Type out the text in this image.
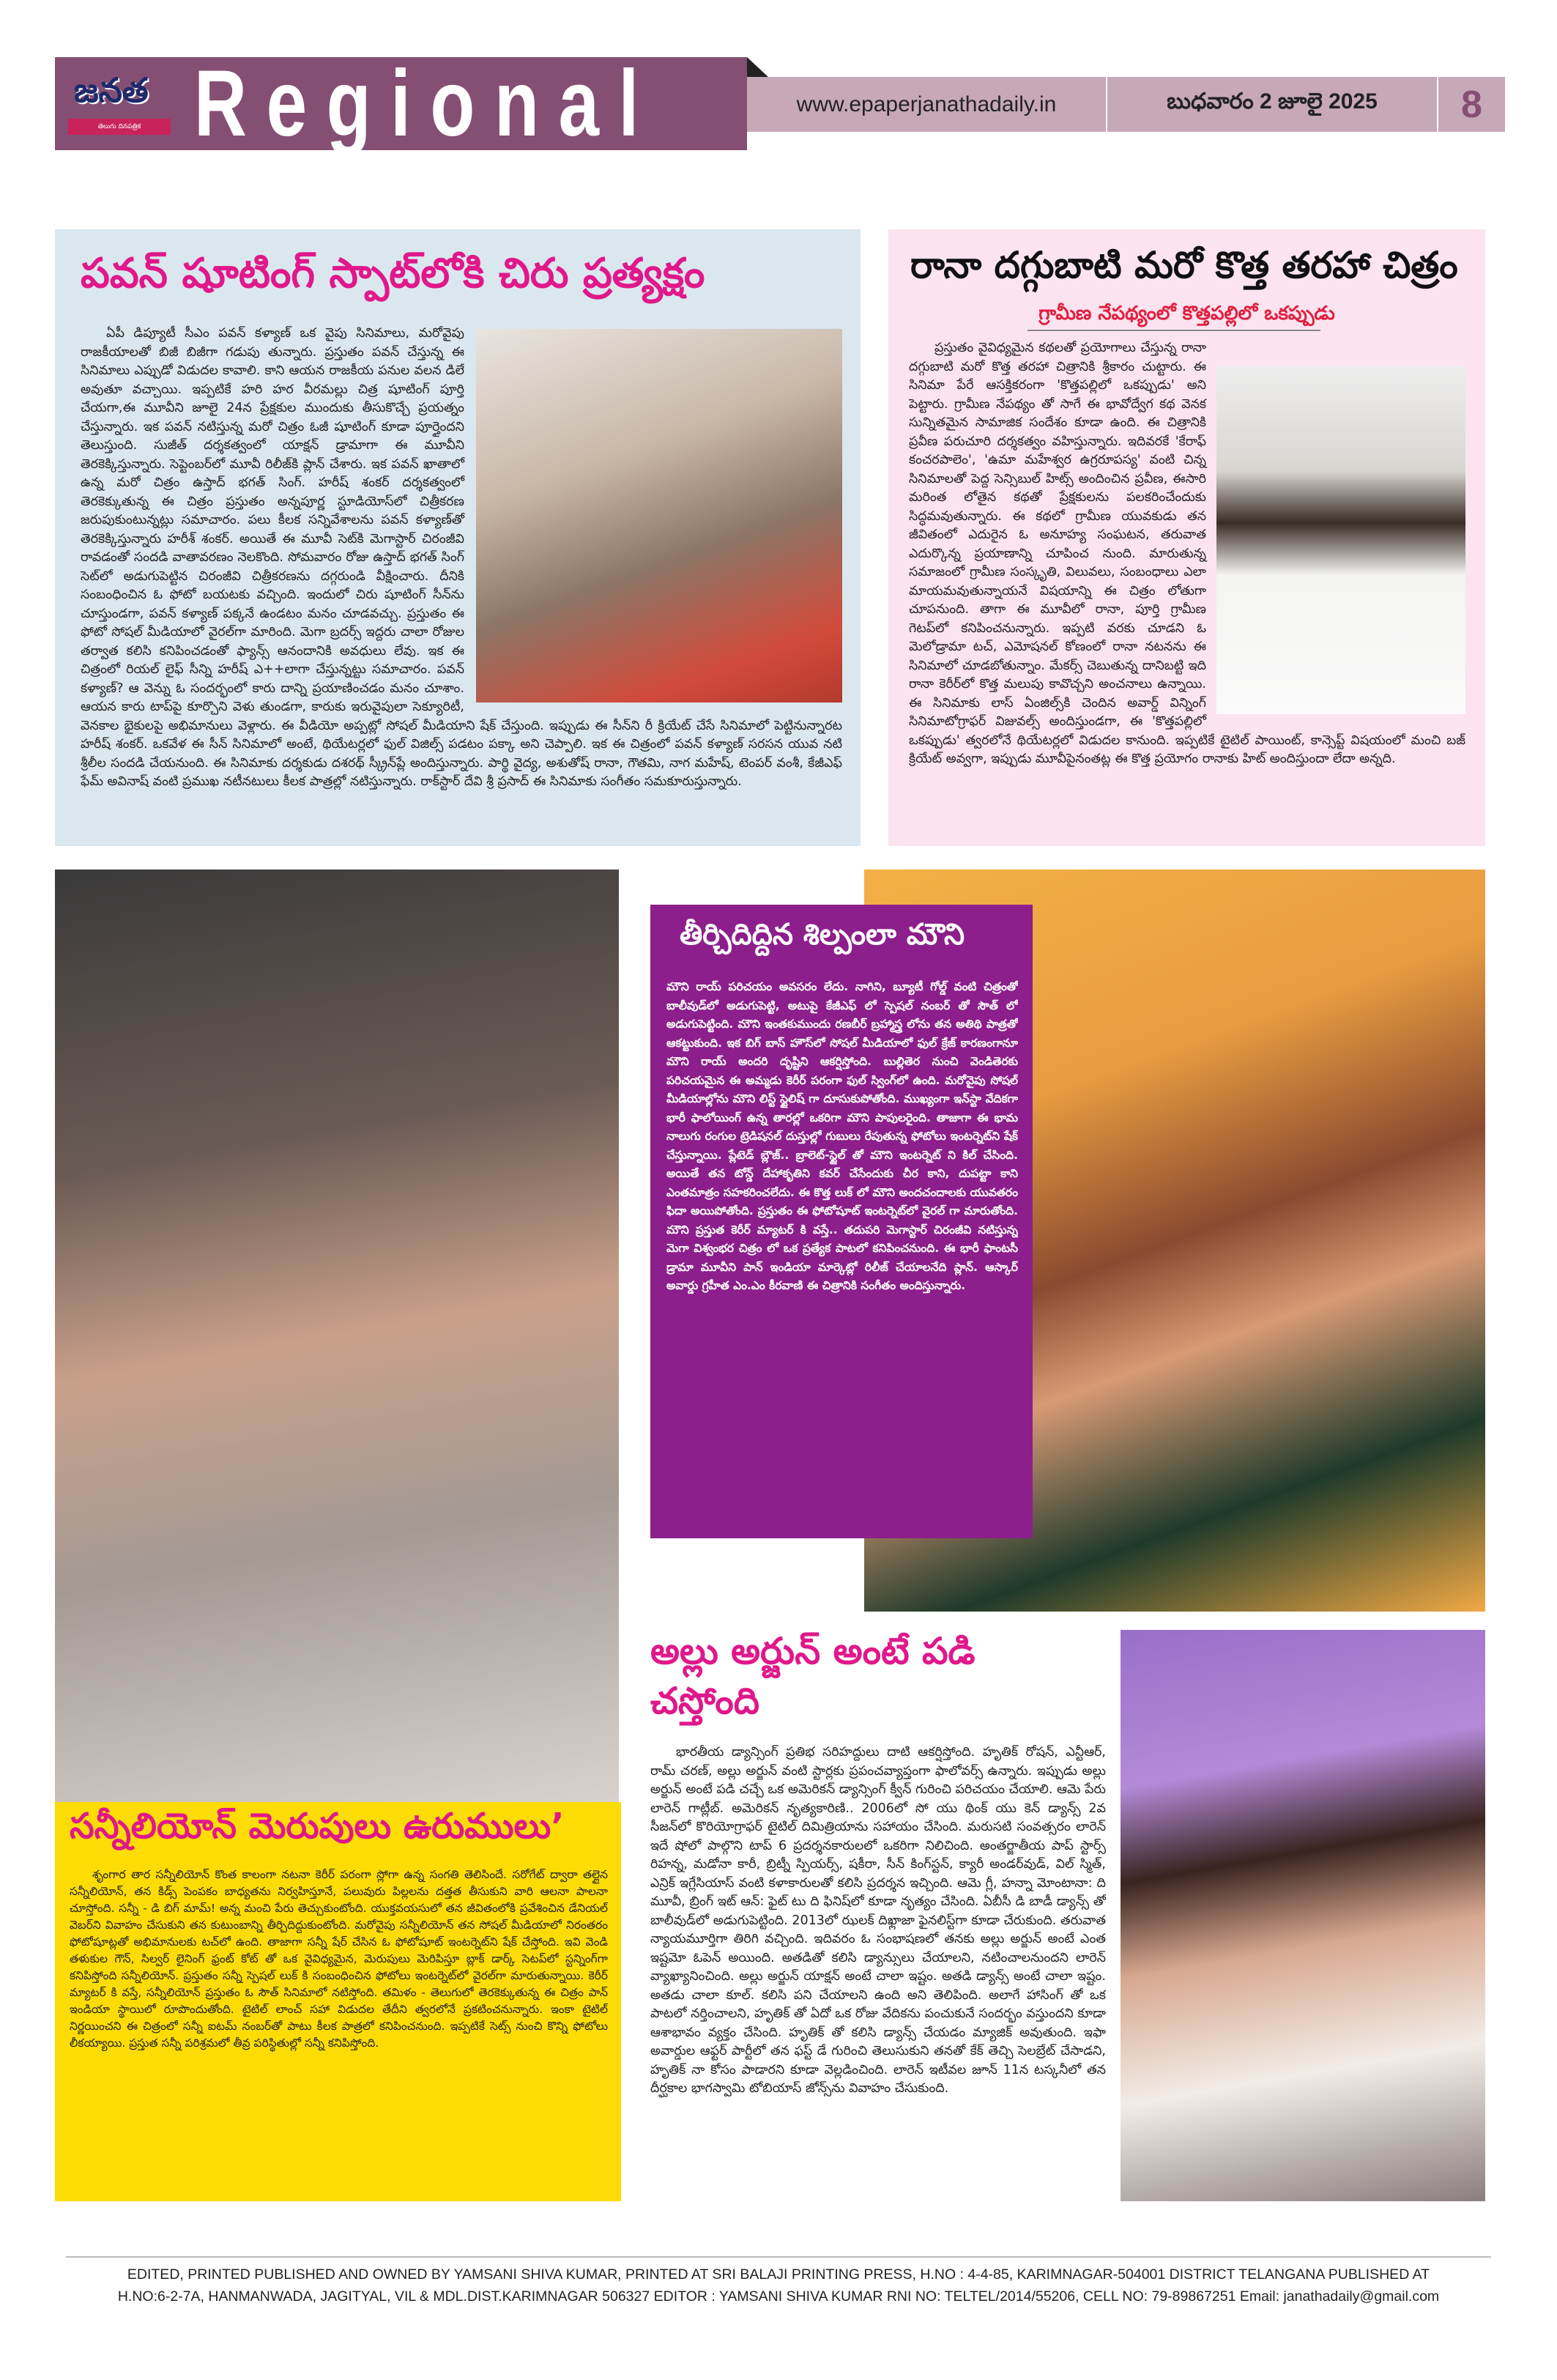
జనత
తెలుగు దినపత్రిక Regional	www.epaperjanathadaily.in	బుధవారం 2 జూలై 2025	8
పవన్ షూటింగ్ స్పాట్‌లోకి చిరు ప్రత్యక్షం
ఏపీ డిప్యూటీ సీఎం పవన్ కళ్యాణ్ ఒక వైపు సినిమాలు, మరోవైపు రాజకీయాలతో బిజీ బిజీగా గడుపు తున్నారు. ప్రస్తుతం పవన్ చేస్తున్న ఈ సినిమాలు ఎప్పుడో విడుదల కావాలి. కాని ఆయన రాజకీయ పనుల వలన డిలే అవుతూ వచ్చాయి. ఇప్పటికే హరి హర వీరమల్లు చిత్ర షూటింగ్ పూర్తి చేయగా,ఈ మూవీని జూలై 24న ప్రేక్షకుల ముందుకు తీసుకొచ్చే ప్రయత్నం చేస్తున్నారు. ఇక పవన్ నటిస్తున్న మరో చిత్రం ఓజీ షూటింగ్ కూడా పూర్తైందని తెలుస్తుంది. సుజీత్ దర్శకత్వంలో యాక్షన్ డ్రామాగా ఈ మూవీని తెరకెక్కిస్తున్నారు. సెప్టెంబర్‌లో మూవీ రిలీజ్‌కి ప్లాన్ చేశారు. ఇక పవన్ ఖాతాలో ఉన్న మరో చిత్రం ఉస్తాద్ భగత్ సింగ్. హరీష్ శంకర్ దర్శకత్వంలో తెరకెక్కుతున్న ఈ చిత్రం ప్రస్తుతం అన్నపూర్ణ స్టూడియోస్‌లో చిత్రీకరణ జరుపుకుంటున్నట్లు సమాచారం. పలు కీలక సన్నివేశాలను పవన్ కళ్యాణ్‌తో తెరకెక్కిస్తున్నారు హరీశ్ శంకర్. అయితే ఈ మూవీ సెట్‌కి మెగాస్టార్ చిరంజీవి రావడంతో సందడి వాతావరణం నెలకొంది. సోమవారం రోజు ఉస్తాద్ భగత్ సింగ్ సెట్‌లో అడుగుపెట్టిన చిరంజీవి చిత్రీకరణను దగ్గరుండి వీక్షించారు. దీనికి సంబంధించిన ఓ ఫోటో బయటకు వచ్చింది. ఇందులో చిరు షూటింగ్ సీన్‌ను చూస్తుండగా, పవన్ కళ్యాణ్ పక్కనే ఉండటం మనం చూడవచ్చు. ప్రస్తుతం ఈ ఫోటో సోషల్ మీడియాలో వైరల్‌గా మారింది. మెగా బ్రదర్స్ ఇద్దరు చాలా రోజుల తర్వాత కలిసి కనిపించడంతో ఫ్యాన్స్ ఆనందానికి అవధులు లేవు. ఇక ఈ చిత్రంలో రియల్ లైఫ్ సీన్ని హరీష్ ఎ++లాగా చేస్తున్నట్టు సమాచారం. పవన్ కళ్యాణ్? ఆ వెన్ను ఓ సందర్భంలో కారు దాన్ని ప్రయాణించడం మనం చూశాం. ఆయన కారు టాప్‌పై కూర్చొని వెళు తుండగా, కారుకు ఇరువైపులా సెక్యూరిటీ, వెనకాల భైకులపై అభిమానులు వెళ్లారు. ఈ వీడియో అప్పట్లో సోషల్ మీడియాని షేక్ చేస్తుంది. ఇప్పుడు ఈ సీన్‌ని రీ క్రియేట్ చేసే సినిమాలో పెట్టినున్నారట హరీష్ శంకర్. ఒకవేళ ఈ సీన్ సినిమాలో అంటే, థియేటర్లలో ఫుల్ విజిల్స్ పడటం పక్కా అని చెప్పాలి. ఇక ఈ చిత్రంలో పవన్ కళ్యాణ్ సరసన యువ నటి శ్రీలీల సందడి చేయనుంది. ఈ సినిమాకు దర్శకుడు దశరథ్ స్క్రీన్‌ప్లే అందిస్తున్నారు. పార్థి వైద్య, అశుతోష్ రానా, గౌతమి, నాగ మహేష్, టెంపర్ వంశీ, కేజీఎఫ్ ఫేమ్ అవినాష్ వంటి ప్రముఖ నటీనటులు కీలక పాత్రల్లో నటిస్తున్నారు. రాక్‌స్టార్ దేవి శ్రీ ప్రసాద్ ఈ సినిమాకు సంగీతం సమకూరుస్తున్నారు.
రానా దగ్గుబాటి మరో కొత్త తరహా చిత్రం
గ్రామీణ నేపథ్యంలో కొత్తపల్లిలో ఒకప్పుడు
ప్రస్తుతం వైవిధ్యమైన కథలతో ప్రయోగాలు చేస్తున్న రానా దగ్గుబాటి మరో కొత్త తరహా చిత్రానికి శ్రీకారం చుట్టారు. ఈ సినిమా పేరే ఆసక్తికరంగా 'కొత్తపల్లిలో ఒకప్పుడు' అని పెట్టారు. గ్రామీణ నేపథ్యం తో సాగే ఈ భావోద్వేగ కథ వెనక సున్నితమైన సామాజిక సందేశం కూడా ఉంది. ఈ చిత్రానికి ప్రవీణ పరుచూరి దర్శకత్వం వహిస్తున్నారు. ఇదివరకే 'కేరాఫ్ కంచరపాలెం', 'ఉమా మహేశ్వర ఉగ్రరూపస్య' వంటి చిన్న సినిమాలతో పెద్ద సెన్సిబుల్ హిట్స్ అందించిన ప్రవీణ, ఈసారి మరింత లోతైన కథతో ప్రేక్షకులను పలకరించేందుకు సిద్ధమవుతున్నారు. ఈ కథలో గ్రామీణ యువకుడు తన జీవితంలో ఎదురైన ఓ అనూహ్య సంఘటన, తరువాత ఎదుర్కొన్న ప్రయాణాన్ని చూపించ నుంది. మారుతున్న సమాజంలో గ్రామీణ సంస్కృతి, విలువలు, సంబంధాలు ఎలా మాయమవుతున్నాయనే విషయాన్ని ఈ చిత్రం లోతుగా చూపనుంది. తాగా ఈ మూవీలో రానా, పూర్తి గ్రామీణ గెటప్‌లో కనిపించనున్నారు. ఇప్పటి వరకు చూడని ఓ మెలోడ్రామా టచ్, ఎమోషనల్ కోణంలో రానా నటనను ఈ సినిమాలో చూడబోతున్నాం. మేకర్స్ చెబుతున్న దానిబట్టి ఇది రానా కెరీర్‌లో కొత్త మలుపు కావొచ్చని అంచనాలు ఉన్నాయి. ఈ సినిమాకు లాస్ ఏంజిల్స్‌కి చెందిన అవార్డ్ విన్నింగ్ సినిమాటోగ్రాఫర్ విజువల్స్ అందిస్తుండగా, ఈ 'కొత్తపల్లిలో ఒకప్పుడు' త్వరలోనే థియేటర్లలో విడుదల కానుంది. ఇప్పటికే టైటిల్ పాయింట్, కాన్సెప్ట్ విషయంలో మంచి బజ్ క్రియేట్ అవ్వగా, ఇప్పుడు మూవీపైనంతట్ల ఈ కొత్త ప్రయోగం రానాకు హిట్ అందిస్తుందా లేదా అన్నది.
సన్నీలియోన్ మెరుపులు ఉరుములు’
శృంగార తార సన్నీలియోన్ కొంత కాలంగా నటనా కెరీర్ పరంగా స్లోగా ఉన్న సంగతి తెలిసిందే. సరోగేట్ ద్వారా తల్లైన సన్నీలియోన్, తన కిడ్స్ పెంపకం బాధ్యతను నిర్వహిస్తూనే, పలువురు పిల్లలను దత్తత తీసుకుని వారి ఆలనా పాలనా చూస్తోంది. సన్నీ - డి బిగ్ మామ్! అన్న మంచి పేరు తెచ్చుకుంటోంది. యుక్తవయసులో తన జీవితంలోకి ప్రవేశించిన డేనియల్ వెబర్‌ని వివాహం చేసుకుని తన కుటుంబాన్ని తీర్చిదిద్దుకుంటోంది. మరోవైపు సన్నీలియోన్ తన సోషల్ మీడియాలో నిరంతరం ఫోటోషూట్లతో అభిమానులకు టచ్‌లో ఉంది. తాజాగా సన్నీ షేర్ చేసిన ఓ ఫోటోషూట్ ఇంటర్నెట్‌ని షేక్ చేస్తోంది. ఇవి వెండి తళుకుల గౌన్, సిల్వర్ లైనింగ్ ఫ్రంట్ కోట్ తో ఒక వైవిధ్యమైన, మెరుపులు మెరిపిస్తూ బ్లాక్ డార్క్ సెటప్‌లో స్టన్నింగ్‌గా కనిపిస్తోంది సన్నీలియోన్. ప్రస్తుతం సన్నీ స్పెషల్ లుక్ కి సంబంధించిన ఫోటోలు ఇంటర్నెట్‌లో వైరల్‌గా మారుతున్నాయి. కెరీర్ మ్యాటర్ కి వస్తే, సన్నీలియోన్ ప్రస్తుతం ఓ సౌత్ సినిమాలో నటిస్తోంది. తమిళం - తెలుగులో తెరకెక్కుతున్న ఈ చిత్రం పాన్ ఇండియా స్థాయిలో రూపొందుతోంది. టైటిల్ లాంచ్ సహా విడుదల తేదీని త్వరలోనే ప్రకటించనున్నారు. ఇంకా టైటిల్ నిర్ణయించని ఈ చిత్రంలో సన్నీ ఐటమ్ నంబర్‌తో పాటు కీలక పాత్రలో కనిపించనుంది. ఇప్పటికే సెట్స్ నుంచి కొన్ని ఫోటోలు లీకయ్యాయి. ప్రస్తుత సన్నీ పరిశ్రమలో తీవ్ర పరిస్థితుల్లో సన్నీ కనిపిస్తోంది.
తీర్చిదిద్దిన శిల్పంలా మౌని
మౌని రాయ్ పరిచయం అవసరం లేదు. నాగిని, బ్యూటీ గోల్డ్ వంటి చిత్రంతో బాలీవుడ్‌లో అడుగుపెట్టి, అటుపై కేజీఎఫ్ లో స్పెషల్ నంబర్ తో సౌత్ లో అడుగుపెట్టింది. మౌని ఇంతకుముందు రణబీర్ బ్రహ్మాస్త్ర లోను తన అతిథి పాత్రతో ఆకట్టుకుంది. ఇక బిగ్ బాస్ హౌస్‌లో సోషల్ మీడియాలో ఫుల్ క్రేజ్ కారణంగానూ మౌని రాయ్ అందరి దృష్టిని ఆకర్షిస్తోంది. బుల్లితెర నుంచి వెండితెరకు పరిచయమైన ఈ అమ్మడు కెరీర్ పరంగా ఫుల్ స్వింగ్‌లో ఉంది. మరోవైపు సోషల్ మీడియాల్లోను మౌని లిస్ట్ స్టైలిష్ గా దూసుకుపోతోంది. ముఖ్యంగా ఇన్‌స్టా వేదికగా భారీ ఫాలోయింగ్ ఉన్న తారల్లో ఒకరిగా మౌని పాపులరైంది. తాజాగా ఈ భామ నాలుగు రంగుల ట్రెడిషనల్ దుస్తుల్లో గుబులు రేపుతున్న ఫోటోలు ఇంటర్నెట్‌ని షేక్ చేస్తున్నాయి. ప్లేటెడ్ బ్లౌజ్.. బ్రాలెట్-స్టైల్ తో మౌని ఇంటర్నెట్ ని కిల్ చేసింది. అయితే తన టోన్డ్ దేహాకృతిని కవర్ చేసేందుకు చీర కాని, దుపట్టా కాని ఎంతమాత్రం సహకరించలేదు. ఈ కొత్త లుక్ లో మౌని అందచందాలకు యువతరం ఫిదా అయిపోతోంది. ప్రస్తుతం ఈ ఫోటోషూట్ ఇంటర్నెట్‌లో వైరల్ గా మారుతోంది. మౌని ప్రస్తుత కెరీర్ మ్యాటర్ కి వస్తే.. తదుపరి మెగాస్టార్ చిరంజీవి నటిస్తున్న మెగా విశ్వంభర చిత్రం లో ఒక ప్రత్యేక పాటలో కనిపించనుంది. ఈ భారీ ఫాంటసీ డ్రామా మూవీని పాన్ ఇండియా మార్కెట్లో రిలీజ్ చేయాలనేది ప్లాన్. ఆస్కార్ అవార్డు గ్రహీత ఎం.ఎం కీరవాణి ఈ చిత్రానికి సంగీతం అందిస్తున్నారు.
అల్లు అర్జున్ అంటే పడి చస్తోంది
భారతీయ డ్యాన్సింగ్ ప్రతిభ సరిహద్దులు దాటి ఆకర్షిస్తోంది. హృతిక్ రోషన్, ఎన్టీఆర్, రామ్ చరణ్, అల్లు అర్జున్ వంటి స్టార్లకు ప్రపంచవ్యాప్తంగా ఫాలోవర్స్ ఉన్నారు. ఇప్పుడు అల్లు అర్జున్ అంటే పడి చచ్చే ఒక అమెరికన్ డ్యాన్సింగ్ క్వీన్ గురించి పరిచయం చేయాలి. ఆమె పేరు లారెన్ గాట్లీబ్. అమెరికన్ నృత్యకారిణి.. 2006లో సో యు థింక్ యు కెన్ డ్యాన్స్ 2వ సీజన్‌లో కొరియోగ్రాఫర్ టైటిల్ దిమిత్రియాను సహాయం చేసింది. మరుసటి సంవత్సరం లారెన్ ఇదే షోలో పాల్గొని టాప్ 6 ప్రదర్శనకారులలో ఒకరిగా నిలిచింది. అంతర్జాతీయ పాప్ స్టార్స్ రిహన్న, మడోనా కారీ, బ్రిట్నీ స్పియర్స్, షకీరా, సీన్ కింగ్‌స్టన్, క్యారీ అండర్‌వుడ్, విల్ స్మిత్, ఎన్రిక్ ఇగ్లేసియాస్ వంటి కళాకారులతో కలిసి ప్రదర్శన ఇచ్చింది. ఆమె గ్లీ, హన్నా మోంటానా: ది మూవీ, బ్రింగ్ ఇట్ ఆన్: ఫైట్ టు ది ఫినిష్‌లో కూడా నృత్యం చేసింది. ఏబీసీ డి బాడీ డ్యాన్స్ తో బాలీవుడ్‌లో అడుగుపెట్టింది. 2013లో ఝలక్ దిఖ్లాజా ఫైనలిస్ట్‌గా కూడా చేరుకుంది. తరువాత న్యాయమూర్తిగా తిరిగి వచ్చింది. ఇదివరం ఓ సంభాషణలో తనకు అల్లు అర్జున్ అంటే ఎంత ఇష్టమో ఓపెన్ అయింది. అతడితో కలిసి డ్యాన్సులు చేయాలని, నటించాలనుందని లారెన్ వ్యాఖ్యానించింది. అల్లు అర్జున్ యాక్షన్ అంటే చాలా ఇష్టం. అతడి డ్యాన్స్ అంటే చాలా ఇష్టం. అతడు చాలా కూల్. కలిసి పని చేయాలని ఉంది అని తెలిపింది. అలాగే హాసింగ్ తో ఒక పాటలో నర్తించాలని, హృతిక్ తో ఏదో ఒక రోజు వేదికను పంచుకునే సందర్భం వస్తుందని కూడా ఆశాభావం వ్యక్తం చేసింది. హృతిక్ తో కలిసి డ్యాన్స్ చేయడం మ్యాజిక్ అవుతుంది. ఇఫా అవార్డుల ఆఫ్టర్ పార్టీలో తన ఫస్ట్ డే గురించి తెలుసుకుని తనతో కేక్ తెచ్చి సెలబ్రేట్ చేసాడని, హృతిక్ నా కోసం పాడారని కూడా వెల్లడించింది. లారెన్ ఇటీవల జూన్ 11న టస్కనీలో తన దీర్ఘకాల భాగస్వామి టోబియాస్ జోన్స్‌ను వివాహం చేసుకుంది.
EDITED, PRINTED PUBLISHED AND OWNED BY YAMSANI SHIVA KUMAR, PRINTED AT SRI BALAJI PRINTING PRESS, H.NO : 4-4-85, KARIMNAGAR-504001 DISTRICT TELANGANA PUBLISHED AT
H.NO:6-2-7A, HANMANWADA, JAGITYAL, VIL & MDL.DIST.KARIMNAGAR 506327 EDITOR : YAMSANI SHIVA KUMAR RNI NO: TELTEL/2014/55206, CELL NO: 79-89867251 Email: janathadaily@gmail.com
